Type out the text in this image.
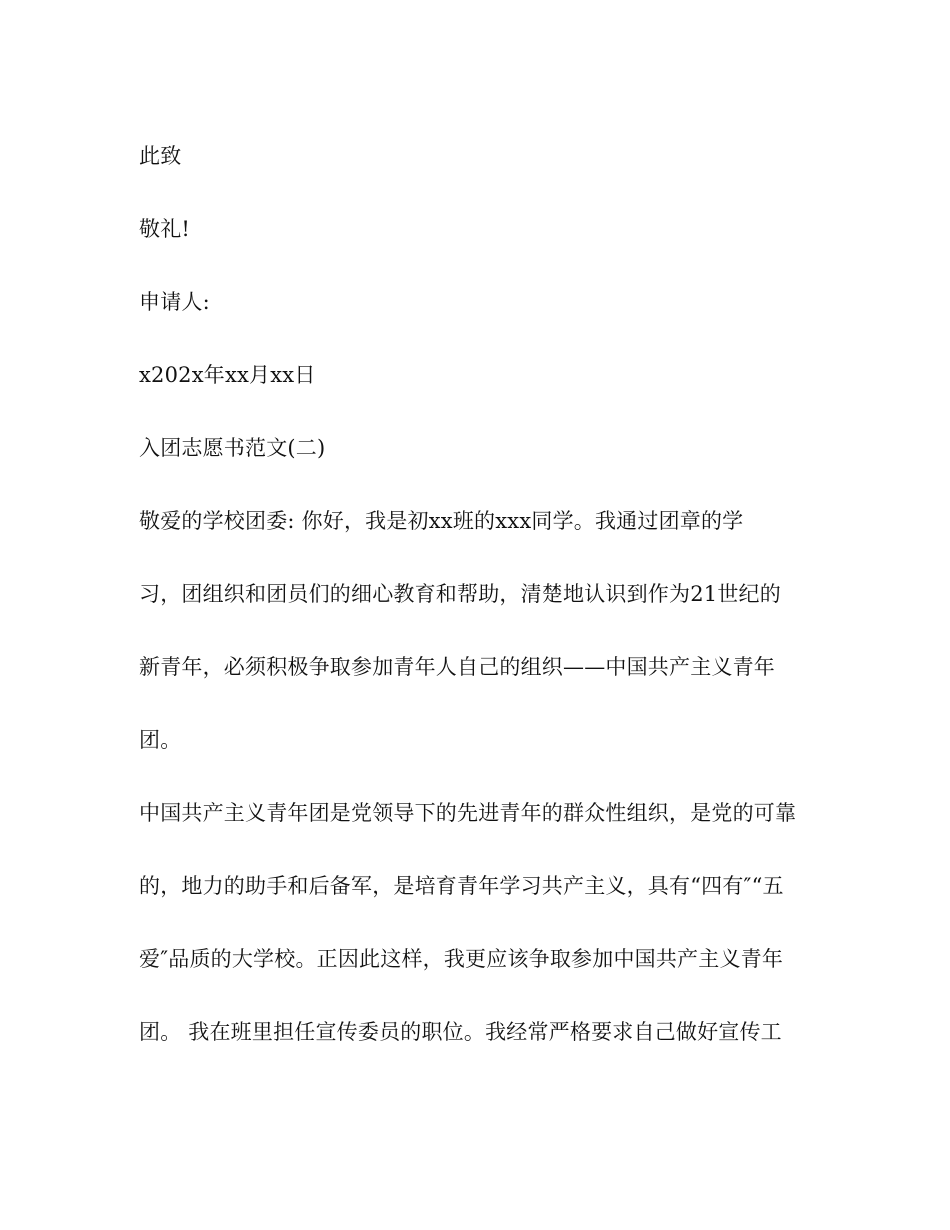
此致

敬礼!

申请人:

x202x年xx月xx日

入团志愿书范文(二)

敬爱的学校团委: 你好，我是初xx班的xxx同学。我通过团章的学

习，团组织和团员们的细心教育和帮助，清楚地认识到作为21世纪的

新青年，必须积极争取参加青年人自己的组织——中国共产主义青年

团。

中国共产主义青年团是党领导下的先进青年的群众性组织，是党的可靠

的，地力的助手和后备军，是培育青年学习共产主义，具有“四有″“五

爱″品质的大学校。正因此这样，我更应该争取参加中国共产主义青年

团。 我在班里担任宣传委员的职位。我经常严格要求自己做好宣传工
